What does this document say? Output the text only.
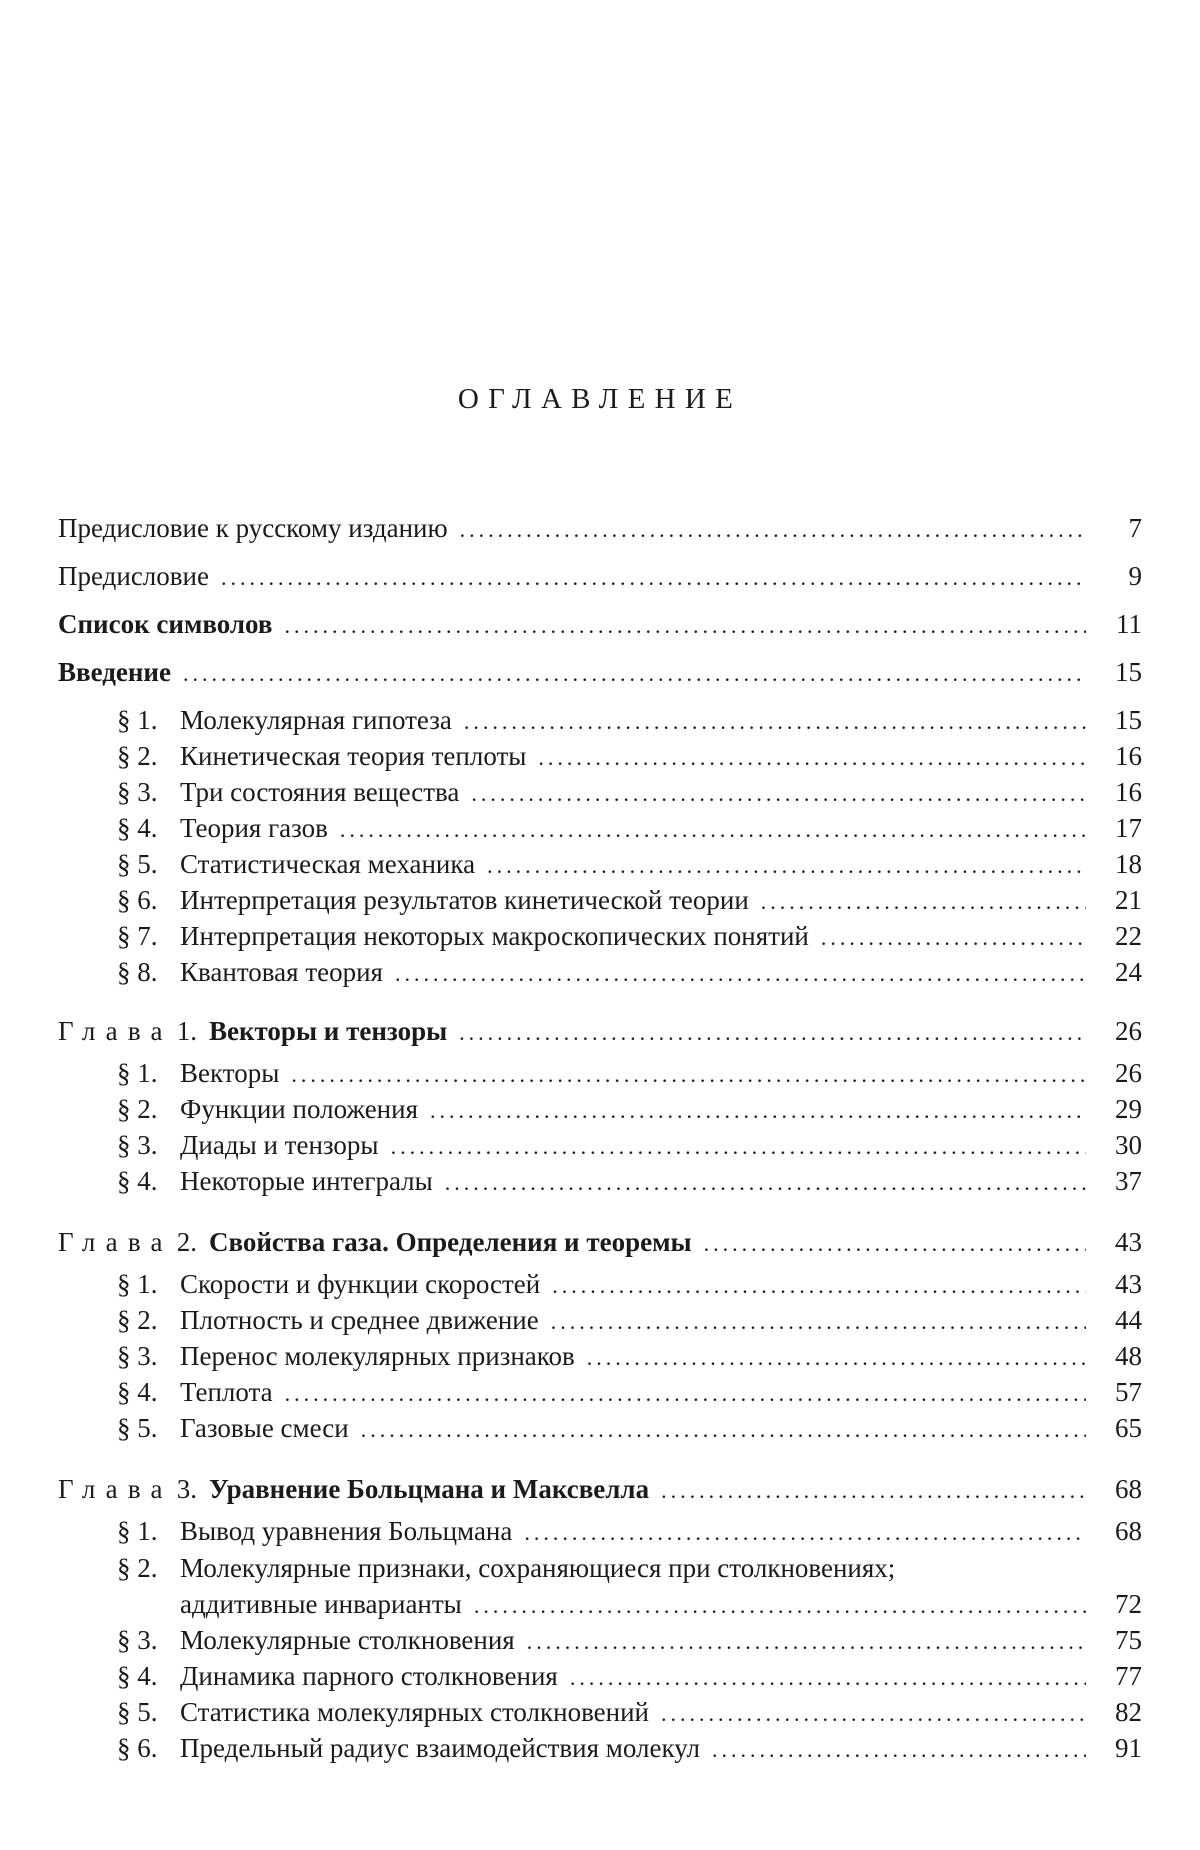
ОГЛАВЛЕНИЕ
Предисловие к русскому изданию .....	7
Предисловие .....	9
Список символов .....	11
Введение .....	15
§ 1. Молекулярная гипотеза .....	15
§ 2. Кинетическая теория теплоты .....	16
§ 3. Три состояния вещества .....	16
§ 4. Теория газов .....	17
§ 5. Статистическая механика .....	18
§ 6. Интерпретация результатов кинетической теории .....	21
§ 7. Интерпретация некоторых макроскопических понятий .....	22
§ 8. Квантовая теория .....	24
Глава 1. Векторы и тензоры .....	26
§ 1. Векторы .....	26
§ 2. Функции положения .....	29
§ 3. Диады и тензоры .....	30
§ 4. Некоторые интегралы .....	37
Глава 2. Свойства газа. Определения и теоремы .....	43
§ 1. Скорости и функции скоростей .....	43
§ 2. Плотность и среднее движение .....	44
§ 3. Перенос молекулярных признаков .....	48
§ 4. Теплота .....	57
§ 5. Газовые смеси .....	65
Глава 3. Уравнение Больцмана и Максвелла .....	68
§ 1. Вывод уравнения Больцмана .....	68
§ 2. Молекулярные признаки, сохраняющиеся при столкновениях;
аддитивные инварианты .....	72
§ 3. Молекулярные столкновения .....	75
§ 4. Динамика парного столкновения .....	77
§ 5. Статистика молекулярных столкновений .....	82
§ 6. Предельный радиус взаимодействия молекул .....	91
